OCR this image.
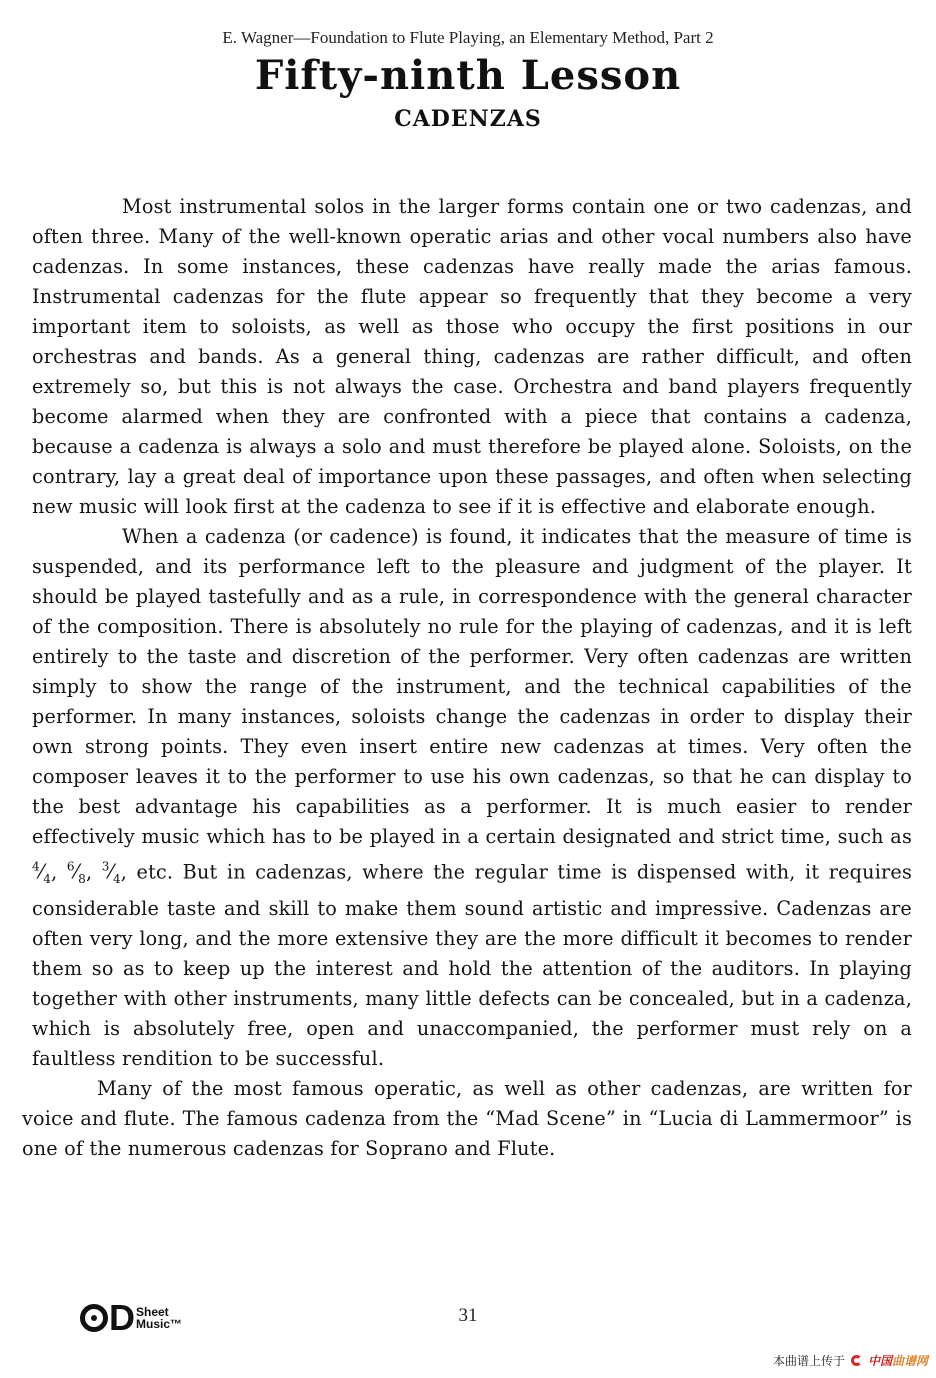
E. Wagner—Foundation to Flute Playing, an Elementary Method, Part 2
Fifty-ninth Lesson
CADENZAS

Most instrumental solos in the larger forms contain one or two cadenzas, and often three. Many of the well-known operatic arias and other vocal numbers also have cadenzas. In some instances, these cadenzas have really made the arias famous. Instrumental cadenzas for the flute appear so frequently that they become a very important item to soloists, as well as those who occupy the first positions in our orchestras and bands. As a general thing, cadenzas are rather difficult, and often extremely so, but this is not always the case. Orchestra and band players frequently become alarmed when they are confronted with a piece that contains a cadenza, because a cadenza is always a solo and must therefore be played alone. Soloists, on the contrary, lay a great deal of importance upon these passages, and often when selecting new music will look first at the cadenza to see if it is effective and elaborate enough.

When a cadenza (or cadence) is found, it indicates that the measure of time is suspended, and its performance left to the pleasure and judgment of the player. It should be played tastefully and as a rule, in correspondence with the general character of the composition. There is absolutely no rule for the playing of cadenzas, and it is left entirely to the taste and discretion of the performer. Very often cadenzas are written simply to show the range of the instrument, and the technical capabilities of the performer. In many instances, soloists change the cadenzas in order to display their own strong points. They even insert entire new cadenzas at times. Very often the composer leaves it to the performer to use his own cadenzas, so that he can display to the best advantage his capabilities as a performer. It is much easier to render effectively music which has to be played in a certain designated and strict time, such as $^4⁄_4$, $^6⁄_8$, $^3⁄_4$, etc. But in cadenzas, where the regular time is dispensed with, it requires considerable taste and skill to make them sound artistic and impressive. Cadenzas are often very long, and the more extensive they are the more difficult it becomes to render them so as to keep up the interest and hold the attention of the auditors. In playing together with other instruments, many little defects can be concealed, but in a cadenza, which is absolutely free, open and unaccompanied, the performer must rely on a faultless rendition to be successful.

Many of the most famous operatic, as well as other cadenzas, are written for voice and flute. The famous cadenza from the “Mad Scene” in “Lucia di Lammermoor” is one of the numerous cadenzas for Soprano and Flute.

D Sheet
Music™	31
本曲谱上传于 中国 曲谱网
